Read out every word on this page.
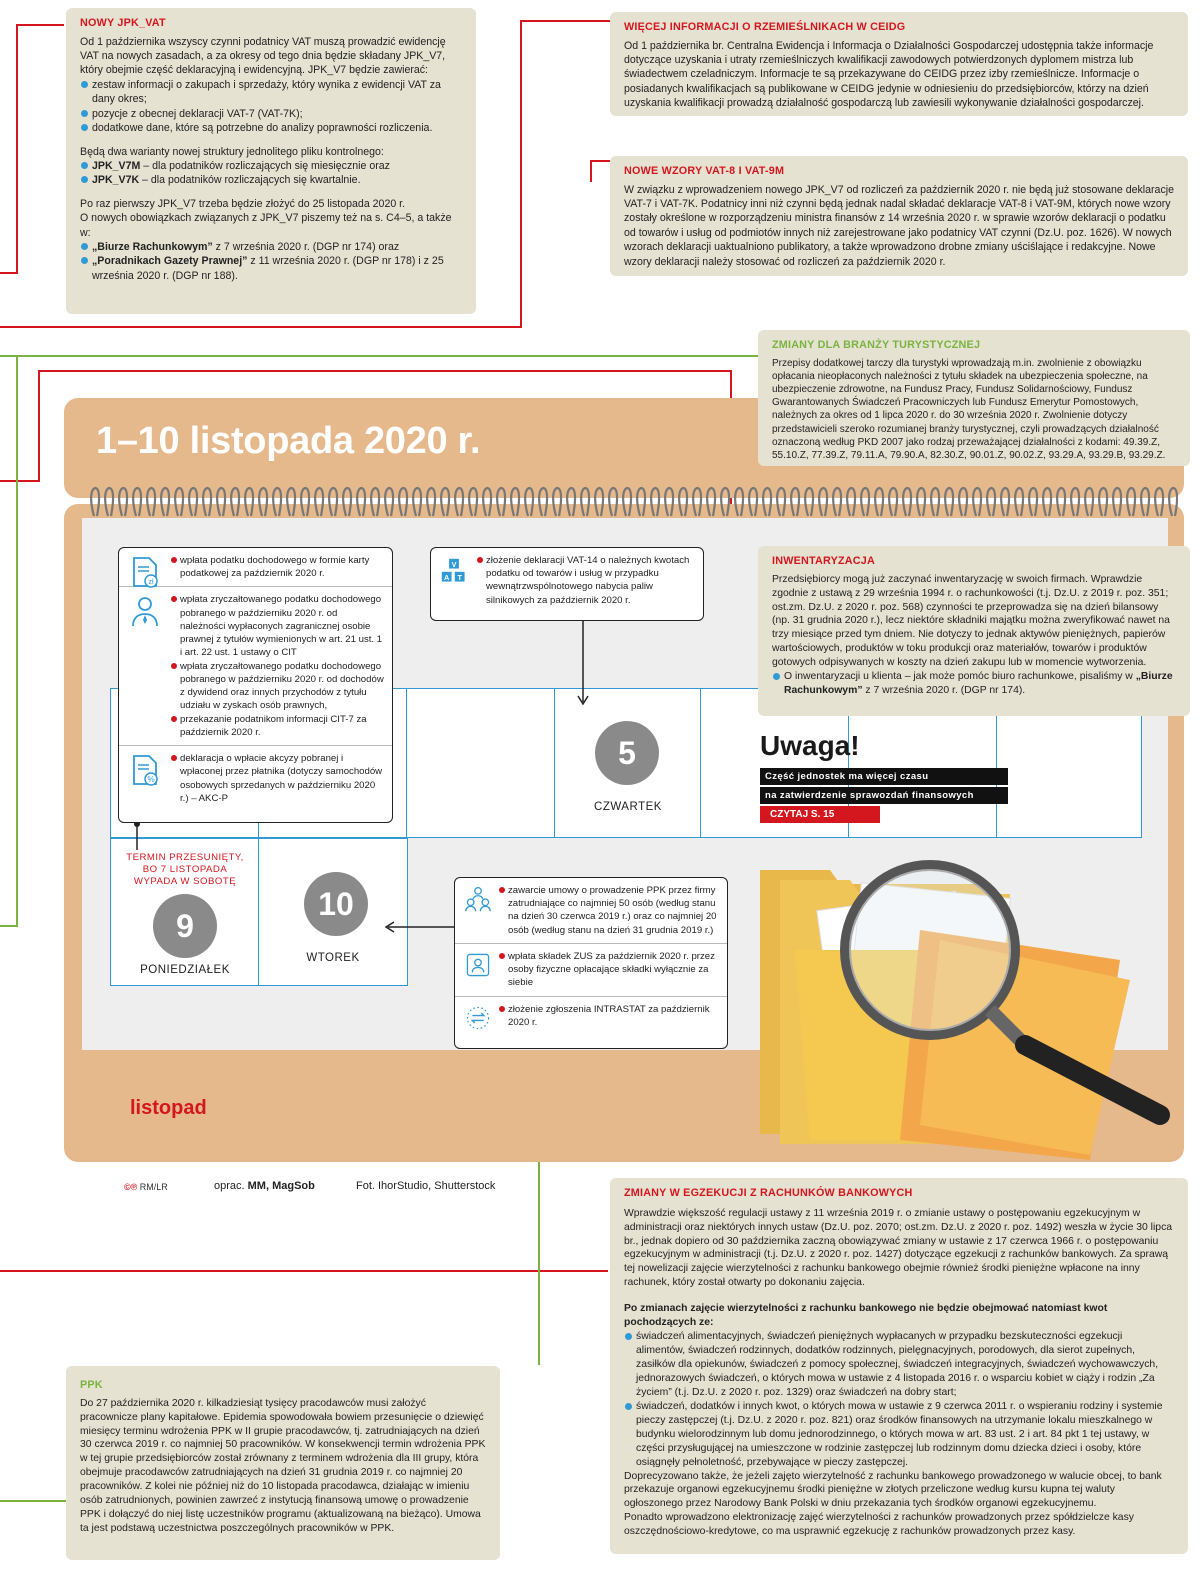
NOWY JPK_VAT

Od 1 października wszyscy czynni podatnicy VAT muszą prowadzić ewidencję VAT na nowych zasadach, a za okresy od tego dnia będzie składany JPK_V7, który obejmie część deklaracyjną i ewidencyjną. JPK_V7 będzie zawierać:

zestaw informacji o zakupach i sprzedaży, który wynika z ewidencji VAT za dany okres;

pozycje z obecnej deklaracji VAT-7 (VAT-7K);

dodatkowe dane, które są potrzebne do analizy poprawności rozliczenia.

Będą dwa warianty nowej struktury jednolitego pliku kontrolnego:

JPK_V7M – dla podatników rozliczających się miesięcznie oraz

JPK_V7K – dla podatników rozliczających się kwartalnie.

Po raz pierwszy JPK_V7 trzeba będzie złożyć do 25 listopada 2020 r.

O nowych obowiązkach związanych z JPK_V7 piszemy też na s. C4–5, a także w:

„Biurze Rachunkowym” z 7 września 2020 r. (DGP nr 174) oraz

„Poradnikach Gazety Prawnej” z 11 września 2020 r. (DGP nr 178) i z 25 września 2020 r. (DGP nr 188).

WIĘCEJ INFORMACJI O RZEMIEŚLNIKACH W CEIDG

Od 1 października br. Centralna Ewidencja i Informacja o Działalności Gospodarczej udostępnia także informacje dotyczące uzyskania i utraty rzemieślniczych kwalifikacji zawodowych potwierdzonych dyplomem mistrza lub świadectwem czeladniczym. Informacje te są przekazywane do CEIDG przez izby rzemieślnicze. Informacje o posiadanych kwalifikacjach są publikowane w CEIDG jedynie w odniesieniu do przedsiębiorców, którzy na dzień uzyskania kwalifikacji prowadzą działalność gospodarczą lub zawiesili wykonywanie działalności gospodarczej.

NOWE WZORY VAT-8 I VAT-9M

W związku z wprowadzeniem nowego JPK_V7 od rozliczeń za październik 2020 r. nie będą już stosowane deklaracje VAT-7 i VAT-7K. Podatnicy inni niż czynni będą jednak nadal składać deklaracje VAT-8 i VAT-9M, których nowe wzory zostały określone w rozporządzeniu ministra finansów z 14 września 2020 r. w sprawie wzorów deklaracji o podatku od towarów i usług od podmiotów innych niż zarejestrowane jako podatnicy VAT czynni (Dz.U. poz. 1626). W nowych wzorach deklaracji uaktualniono publikatory, a także wprowadzono drobne zmiany uściślające i redakcyjne. Nowe wzory deklaracji należy stosować od rozliczeń za październik 2020 r.

1–10 listopada 2020 r.
5
CZWARTEK
TERMIN PRZESUNIĘTY, BO 7 LISTOPADA WYPADA W SOBOTĘ
9
PONIEDZIAŁEK
10
WTOREK
zł

wpłata podatku dochodowego w formie karty podatkowej za październik 2020 r.

wpłata zryczałtowanego podatku dochodowego pobranego w październiku 2020 r. od należności wypłaconych zagranicznej osobie prawnej z tytułów wymienionych w art. 21 ust. 1 i art. 22 ust. 1 ustawy o CIT

wpłata zryczałtowanego podatku dochodowego pobranego w październiku 2020 r. od dochodów z dywidend oraz innych przychodów z tytułu udziału w zyskach osób prawnych,

przekazanie podatnikom informacji CIT-7 za październik 2020 r.

%

deklaracja o wpłacie akcyzy pobranej i wpłaconej przez płatnika (dotyczy samochodów osobowych sprzedanych w październiku 2020 r.) – AKC-P

V
A T

złożenie deklaracji VAT-14 o należnych kwotach podatku od towarów i usług w przypadku wewnątrzwspólnotowego nabycia paliw silnikowych za październik 2020 r.

zawarcie umowy o prowadzenie PPK przez firmy zatrudniające co najmniej 50 osób (według stanu na dzień 30 czerwca 2019 r.) oraz co najmniej 20 osób (według stanu na dzień 31 grudnia 2019 r.)

wpłata składek ZUS za październik 2020 r. przez osoby fizyczne opłacające składki wyłącznie za siebie

złożenie zgłoszenia INTRASTAT za październik 2020 r.

Uwaga!
Część jednostek ma więcej czasu
na zatwierdzenie sprawozdań finansowych
CZYTAJ S. 15
listopad
ZMIANY DLA BRANŻY TURYSTYCZNEJ

Przepisy dodatkowej tarczy dla turystyki wprowadzają m.in. zwolnienie z obowiązku opłacania nieopłaconych należności z tytułu składek na ubezpieczenia społeczne, na ubezpieczenie zdrowotne, na Fundusz Pracy, Fundusz Solidarnościowy, Fundusz Gwarantowanych Świadczeń Pracowniczych lub Fundusz Emerytur Pomostowych, należnych za okres od 1 lipca 2020 r. do 30 września 2020 r. Zwolnienie dotyczy przedstawicieli szeroko rozumianej branży turystycznej, czyli prowadzących działalność oznaczoną według PKD 2007 jako rodzaj przeważającej działalności z kodami: 49.39.Z, 55.10.Z, 77.39.Z, 79.11.A, 79.90.A, 82.30.Z, 90.01.Z, 90.02.Z, 93.29.A, 93.29.B, 93.29.Z.

INWENTARYZACJA

Przedsiębiorcy mogą już zaczynać inwentaryzację w swoich firmach. Wprawdzie zgodnie z ustawą z 29 września 1994 r. o rachunkowości (t.j. Dz.U. z 2019 r. poz. 351; ost.zm. Dz.U. z 2020 r. poz. 568) czynności te przeprowadza się na dzień bilansowy (np. 31 grudnia 2020 r.), lecz niektóre składniki majątku można zweryfikować nawet na trzy miesiące przed tym dniem. Nie dotyczy to jednak aktywów pieniężnych, papierów wartościowych, produktów w toku produkcji oraz materiałów, towarów i produktów gotowych odpisywanych w koszty na dzień zakupu lub w momencie wytworzenia.

O inwentaryzacji u klienta – jak może pomóc biuro rachunkowe, pisaliśmy w „Biurze Rachunkowym” z 7 września 2020 r. (DGP nr 174).

©℗ RM/LR	oprac. MM, MagSob	Fot. IhorStudio, Shutterstock
ZMIANY W EGZEKUCJI Z RACHUNKÓW BANKOWYCH

Wprawdzie większość regulacji ustawy z 11 września 2019 r. o zmianie ustawy o postępowaniu egzekucyjnym w administracji oraz niektórych innych ustaw (Dz.U. poz. 2070; ost.zm. Dz.U. z 2020 r. poz. 1492) weszła w życie 30 lipca br., jednak dopiero od 30 października zaczną obowiązywać zmiany w ustawie z 17 czerwca 1966 r. o postępowaniu egzekucyjnym w administracji (t.j. Dz.U. z 2020 r. poz. 1427) dotyczące egzekucji z rachunków bankowych. Za sprawą tej nowelizacji zajęcie wierzytelności z rachunku bankowego obejmie również środki pieniężne wpłacone na inny rachunek, który został otwarty po dokonaniu zajęcia.

Po zmianach zajęcie wierzytelności z rachunku bankowego nie będzie obejmować natomiast kwot pochodzących ze:

świadczeń alimentacyjnych, świadczeń pieniężnych wypłacanych w przypadku bezskuteczności egzekucji alimentów, świadczeń rodzinnych, dodatków rodzinnych, pielęgnacyjnych, porodowych, dla sierot zupełnych, zasiłków dla opiekunów, świadczeń z pomocy społecznej, świadczeń integracyjnych, świadczeń wychowawczych, jednorazowych świadczeń, o których mowa w ustawie z 4 listopada 2016 r. o wsparciu kobiet w ciąży i rodzin „Za życiem” (t.j. Dz.U. z 2020 r. poz. 1329) oraz świadczeń na dobry start;

świadczeń, dodatków i innych kwot, o których mowa w ustawie z 9 czerwca 2011 r. o wspieraniu rodziny i systemie pieczy zastępczej (t.j. Dz.U. z 2020 r. poz. 821) oraz środków finansowych na utrzymanie lokalu mieszkalnego w budynku wielorodzinnym lub domu jednorodzinnego, o których mowa w art. 83 ust. 2 i art. 84 pkt 1 tej ustawy, w części przysługującej na umieszczone w rodzinie zastępczej lub rodzinnym domu dziecka dzieci i osoby, które osiągnęły pełnoletność, przebywające w pieczy zastępczej.

Doprecyzowano także, że jeżeli zajęto wierzytelność z rachunku bankowego prowadzonego w walucie obcej, to bank przekazuje organowi egzekucyjnemu środki pieniężne w złotych przeliczone według kursu kupna tej waluty ogłoszonego przez Narodowy Bank Polski w dniu przekazania tych środków organowi egzekucyjnemu.

Ponadto wprowadzono elektronizację zajęć wierzytelności z rachunków prowadzonych przez spółdzielcze kasy oszczędnościowo-kredytowe, co ma usprawnić egzekucję z rachunków prowadzonych przez kasy.

PPK

Do 27 października 2020 r. kilkadziesiąt tysięcy pracodawców musi założyć pracownicze plany kapitałowe. Epidemia spowodowała bowiem przesunięcie o dziewięć miesięcy terminu wdrożenia PPK w II grupie pracodawców, tj. zatrudniających na dzień 30 czerwca 2019 r. co najmniej 50 pracowników. W konsekwencji termin wdrożenia PPK w tej grupie przedsiębiorców został zrównany z terminem wdrożenia dla III grupy, która obejmuje pracodawców zatrudniających na dzień 31 grudnia 2019 r. co najmniej 20 pracowników. Z kolei nie później niż do 10 listopada pracodawca, działając w imieniu osób zatrudnionych, powinien zawrzeć z instytucją finansową umowę o prowadzenie PPK i dołączyć do niej listę uczestników programu (aktualizowaną na bieżąco). Umowa ta jest podstawą uczestnictwa poszczególnych pracowników w PPK.
